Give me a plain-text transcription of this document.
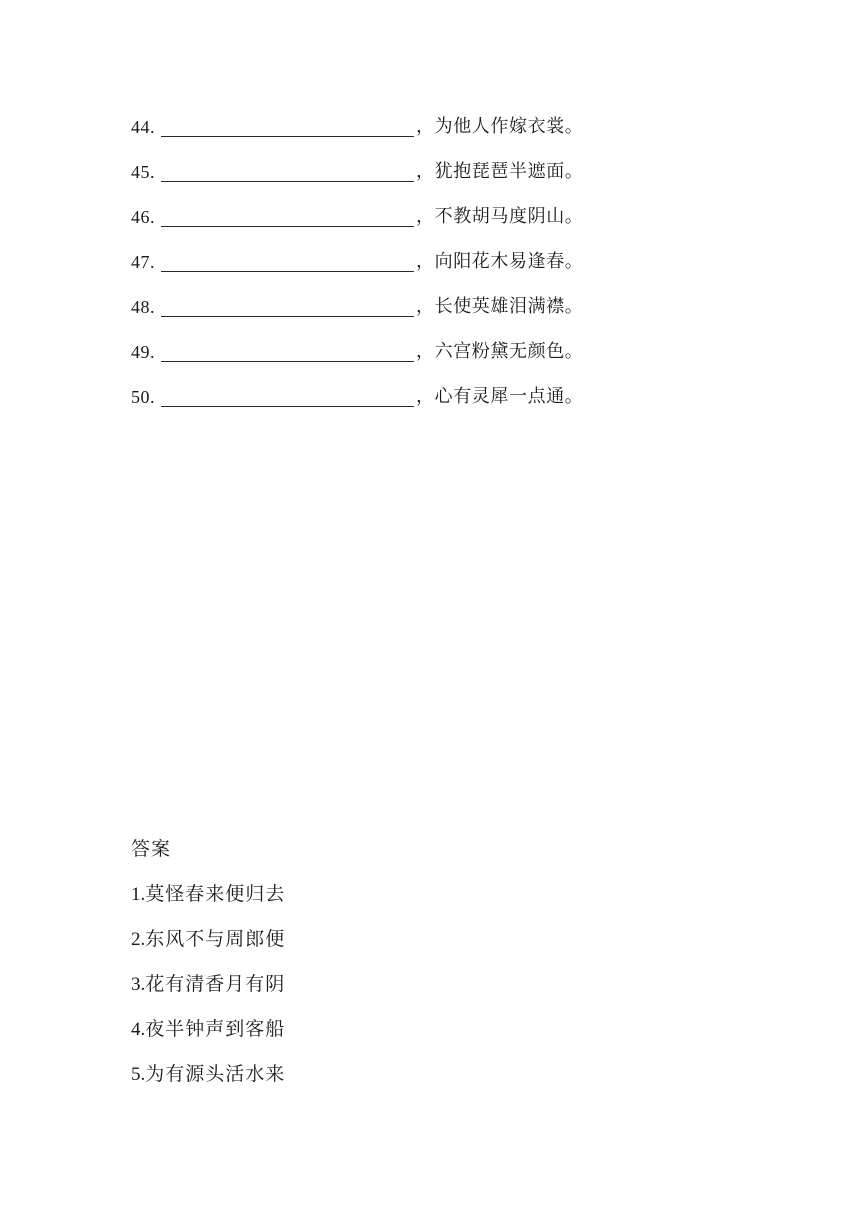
44.	，为他人作嫁衣裳。
45.	，犹抱琵琶半遮面。
46.	，不教胡马度阴山。
47.	，向阳花木易逢春。
48.	，长使英雄泪满襟。
49.	，六宫粉黛无颜色。
50.	，心有灵犀一点通。
答案
1.莫怪春来便归去
2.东风不与周郎便
3.花有清香月有阴
4.夜半钟声到客船
5.为有源头活水来
